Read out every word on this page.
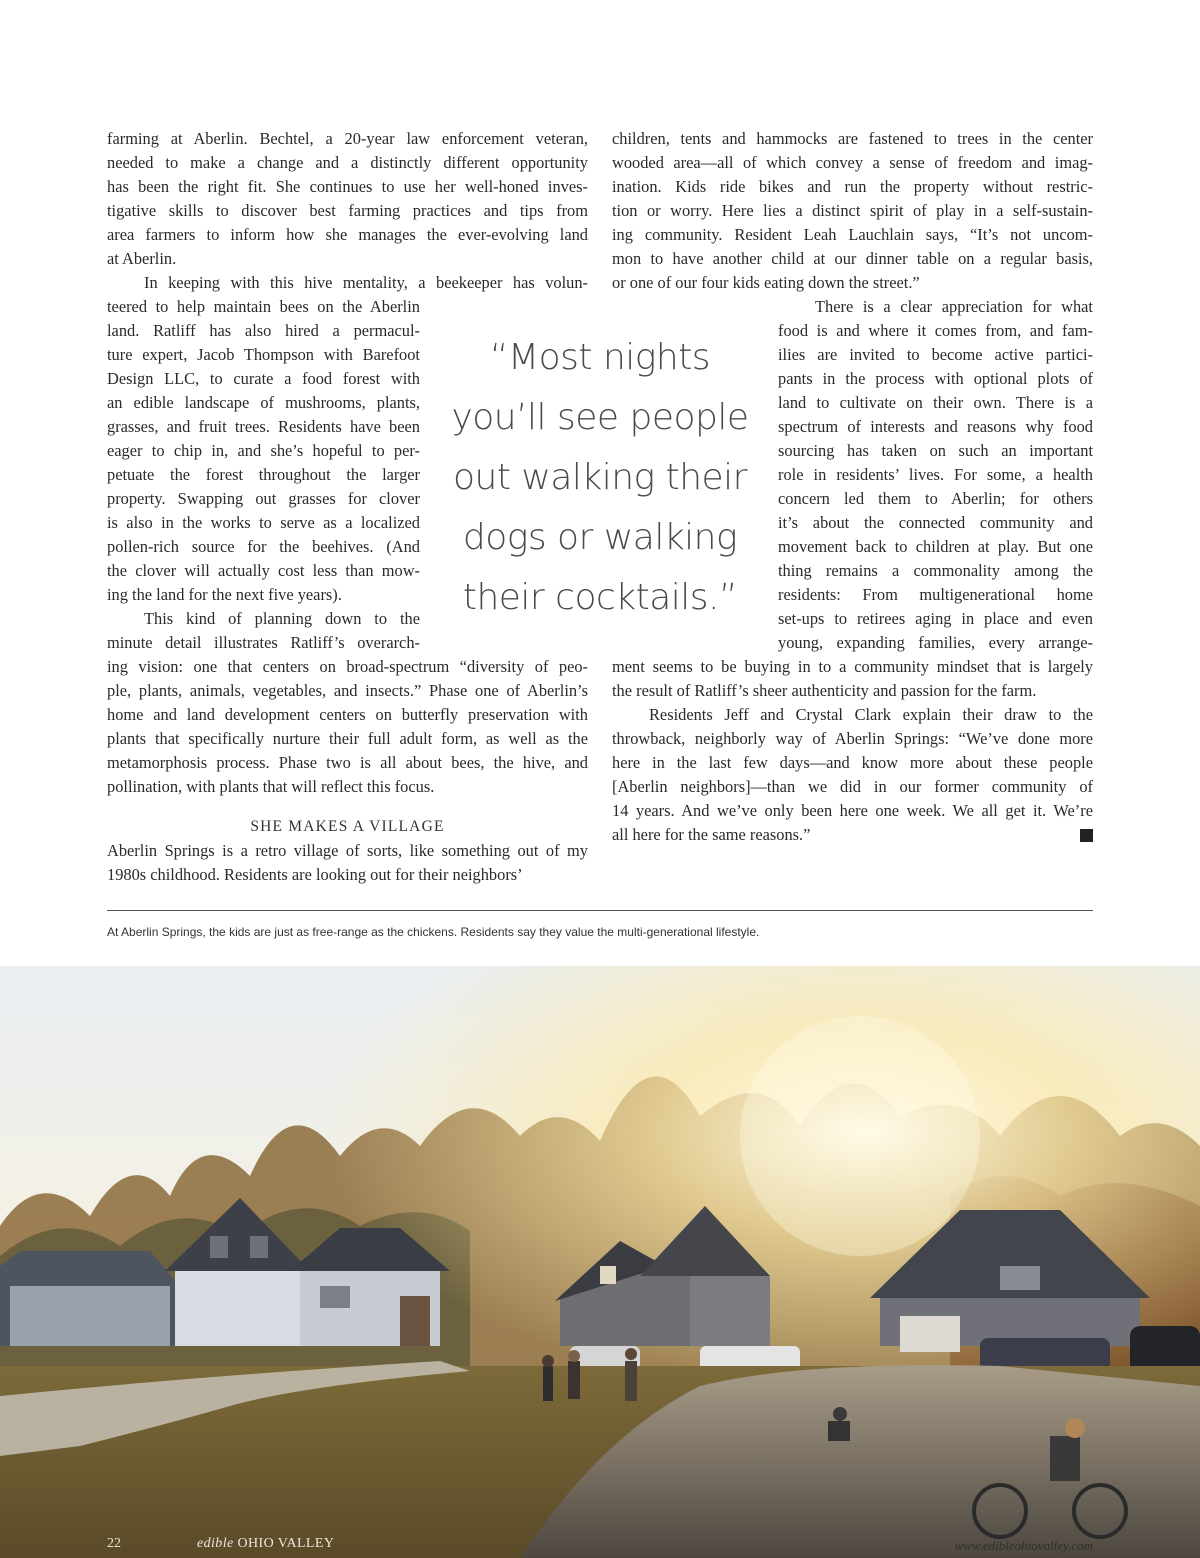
farming at Aberlin. Bechtel, a 20-year law enforcement veteran,
needed to make a change and a distinctly different opportunity
has been the right fit. She continues to use her well-honed inves-
tigative skills to discover best farming practices and tips from
area farmers to inform how she manages the ever-evolving land
at Aberlin.

In keeping with this hive mentality, a beekeeper has volun-
teered to help maintain bees on the Aberlin
land. Ratliff has also hired a permacul-
ture expert, Jacob Thompson with Barefoot
Design LLC, to curate a food forest with
an edible landscape of mushrooms, plants,
grasses, and fruit trees. Residents have been
eager to chip in, and she’s hopeful to per-
petuate the forest throughout the larger
property. Swapping out grasses for clover
is also in the works to serve as a localized
pollen-rich source for the beehives. (And
the clover will actually cost less than mow-
ing the land for the next five years).

This kind of planning down to the
minute detail illustrates Ratliff’s overarch-
ing vision: one that centers on broad-spectrum “diversity of peo-
ple, plants, animals, vegetables, and insects.” Phase one of Aberlin’s
home and land development centers on butterfly preservation with
plants that specifically nurture their full adult form, as well as the
metamorphosis process. Phase two is all about bees, the hive, and
pollination, with plants that will reflect this focus.

SHE MAKES A VILLAGE

Aberlin Springs is a retro village of sorts, like something out of my
1980s childhood. Residents are looking out for their neighbors’

“Most nights
you’ll see people
out walking their
dogs or walking
their cocktails.”

children, tents and hammocks are fastened to trees in the center
wooded area—all of which convey a sense of freedom and imag-
ination. Kids ride bikes and run the property without restric-
tion or worry. Here lies a distinct spirit of play in a self-sustain-
ing community. Resident Leah Lauchlain says, “It’s not uncom-
mon to have another child at our dinner table on a regular basis,
or one of our four kids eating down the street.”

There is a clear appreciation for what
food is and where it comes from, and fam-
ilies are invited to become active partici-
pants in the process with optional plots of
land to cultivate on their own. There is a
spectrum of interests and reasons why food
sourcing has taken on such an important
role in residents’ lives. For some, a health
concern led them to Aberlin; for others
it’s about the connected community and
movement back to children at play. But one
thing remains a commonality among the
residents: From multigenerational home
set-ups to retirees aging in place and even
young, expanding families, every arrange-
ment seems to be buying in to a community mindset that is largely
the result of Ratliff’s sheer authenticity and passion for the farm.

Residents Jeff and Crystal Clark explain their draw to the
throwback, neighborly way of Aberlin Springs: “We’ve done more
here in the last few days—and know more about these people
[Aberlin neighbors]—than we did in our former community of
14 years. And we’ve only been here one week. We all get it. We’re
all here for the same reasons.”

At Aberlin Springs, the kids are just as free-range as the chickens. Residents say they value the multi-generational lifestyle.
22	edible OHIO VALLEY	www.edibleohiovalley.com
